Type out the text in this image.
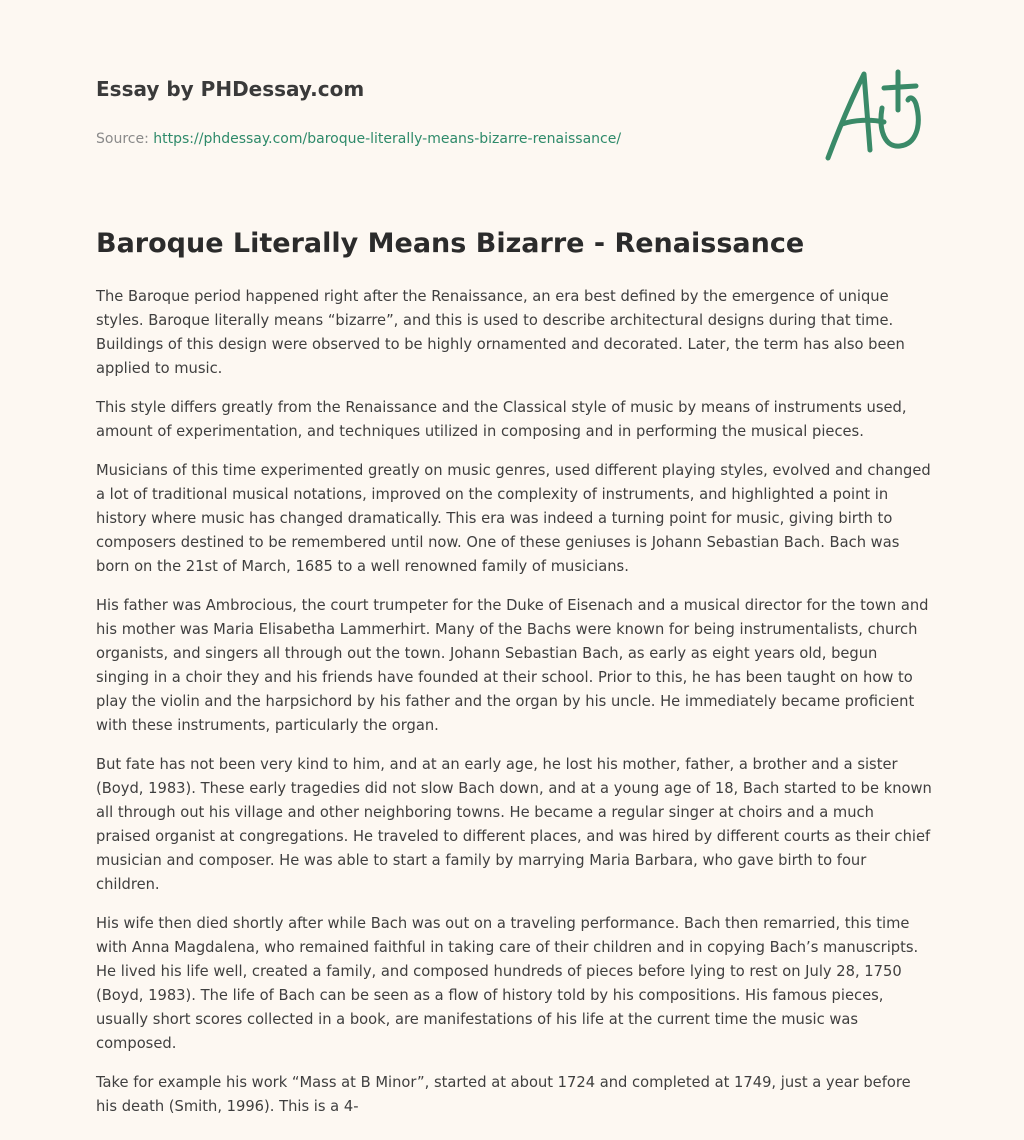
Essay by PHDessay.com
Source: https://phdessay.com/baroque-literally-means-bizarre-renaissance/
Baroque Literally Means Bizarre - Renaissance

The Baroque period happened right after the Renaissance, an era best defined by the emergence of unique styles. Baroque literally means “bizarre”, and this is used to describe architectural designs during that time. Buildings of this design were observed to be highly ornamented and decorated. Later, the term has also been applied to music.

This style differs greatly from the Renaissance and the Classical style of music by means of instruments used, amount of experimentation, and techniques utilized in composing and in performing the musical pieces.

Musicians of this time experimented greatly on music genres, used different playing styles, evolved and changed a lot of traditional musical notations, improved on the complexity of instruments, and highlighted a point in history where music has changed dramatically. This era was indeed a turning point for music, giving birth to composers destined to be remembered until now. One of these geniuses is Johann Sebastian Bach. Bach was born on the 21st of March, 1685 to a well renowned family of musicians.

His father was Ambrocious, the court trumpeter for the Duke of Eisenach and a musical director for the town and his mother was Maria Elisabetha Lammerhirt. Many of the Bachs were known for being instrumentalists, church organists, and singers all through out the town. Johann Sebastian Bach, as early as eight years old, begun singing in a choir they and his friends have founded at their school. Prior to this, he has been taught on how to play the violin and the harpsichord by his father and the organ by his uncle. He immediately became proficient with these instruments, particularly the organ.

But fate has not been very kind to him, and at an early age, he lost his mother, father, a brother and a sister (Boyd, 1983). These early tragedies did not slow Bach down, and at a young age of 18, Bach started to be known all through out his village and other neighboring towns. He became a regular singer at choirs and a much praised organist at congregations. He traveled to different places, and was hired by different courts as their chief musician and composer. He was able to start a family by marrying Maria Barbara, who gave birth to four children.

His wife then died shortly after while Bach was out on a traveling performance. Bach then remarried, this time with Anna Magdalena, who remained faithful in taking care of their children and in copying Bach’s manuscripts. He lived his life well, created a family, and composed hundreds of pieces before lying to rest on July 28, 1750 (Boyd, 1983). The life of Bach can be seen as a flow of history told by his compositions. His famous pieces, usually short scores collected in a book, are manifestations of his life at the current time the music was composed.

Take for example his work “Mass at B Minor”, started at about 1724 and completed at 1749, just a year before his death (Smith, 1996). This is a 4-
